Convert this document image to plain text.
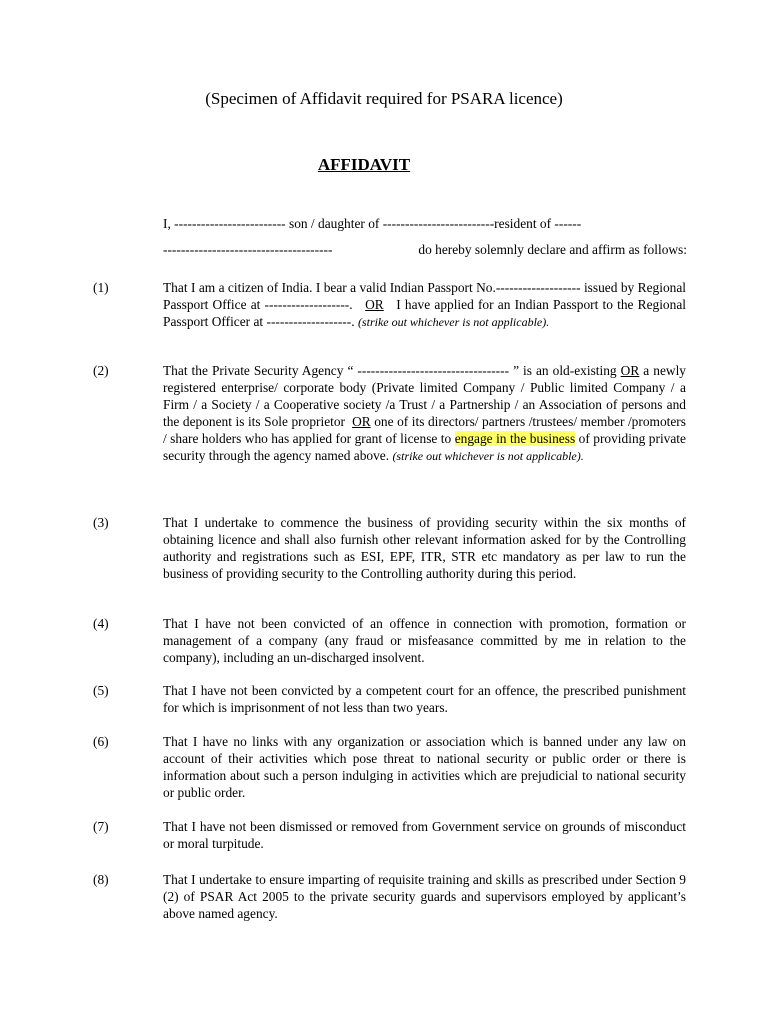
(Specimen of Affidavit required for PSARA licence)
AFFIDAVIT
I, ------------------------- son / daughter of -------------------------resident of ------
--------------------------------------	do hereby solemnly declare and affirm as follows:
(1)	That I am a citizen of India. I bear a valid Indian Passport No.------------------- issued by Regional Passport Office at -------------------. OR I have applied for an Indian Passport to the Regional Passport Officer at -------------------. (strike out whichever is not applicable).
(2)	That the Private Security Agency “ ---------------------------------- ” is an old-existing OR a newly registered enterprise/ corporate body (Private limited Company / Public limited Company / a Firm / a Society / a Cooperative society /a Trust / a Partnership / an Association of persons and the deponent is its Sole proprietor OR one of its directors/ partners /trustees/ member /promoters / share holders who has applied for grant of license to engage in the business of providing private security through the agency named above. (strike out whichever is not applicable).
(3)	That I undertake to commence the business of providing security within the six months of obtaining licence and shall also furnish other relevant information asked for by the Controlling authority and registrations such as ESI, EPF, ITR, STR etc mandatory as per law to run the business of providing security to the Controlling authority during this period.
(4)	That I have not been convicted of an offence in connection with promotion, formation or management of a company (any fraud or misfeasance committed by me in relation to the company), including an un-discharged insolvent.
(5)	That I have not been convicted by a competent court for an offence, the prescribed punishment for which is imprisonment of not less than two years.
(6)	That I have no links with any organization or association which is banned under any law on account of their activities which pose threat to national security or public order or there is information about such a person indulging in activities which are prejudicial to national security or public order.
(7)	That I have not been dismissed or removed from Government service on grounds of misconduct or moral turpitude.
(8)	That I undertake to ensure imparting of requisite training and skills as prescribed under Section 9 (2) of PSAR Act 2005 to the private security guards and supervisors employed by applicant’s above named agency.
